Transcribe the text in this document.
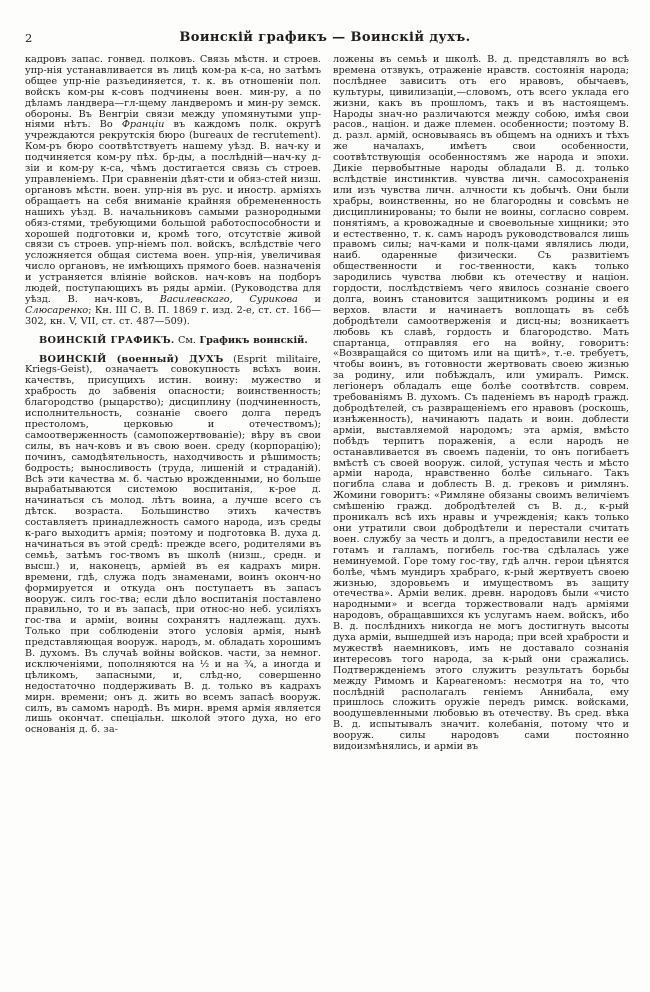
2	Воинскій графикъ — Воинскій духъ.

кадровъ запас. гонвед. полковъ. Связь мѣстн. и строев. упр-нія устанавливается въ лицѣ ком-ра к-са, но затѣмъ общее упр-ніе разъединяется, т. к. въ отношеніи пол. войскъ ком-ры к-совъ подчинены воен. мин-ру, а по дѣламъ ландвера—гл-щему ландверомъ и мин-ру земск. обороны. Въ Венгріи связи между упомянутыми упр-ніями нѣтъ. Во Франціи въ каждомъ полк. округѣ учреждаются рекрутскія бюро (bureaux de recrutement). Ком-ръ бюро соотвѣтствуетъ нашему уѣзд. В. нач-ку и подчиняется ком-ру пѣх. бр-ды, а послѣдній—нач-ку д-зіи и ком-ру к-са, чѣмъ достигается связь съ строев. управленіемъ. При сравненіи дѣят-сти и обяз-стей низш. органовъ мѣстн. воен. упр-нія въ рус. и иностр. арміяхъ обращаетъ на себя вниманіе крайняя обремененность нашихъ уѣзд. В. начальниковъ самыми разнородными обяз-стями, требующими большой работоспособности и хорошей подготовки и, кромѣ того, отсутствіе живой связи съ строев. упр-ніемъ пол. войскъ, вслѣдствіе чего усложняется общая система воен. упр-нія, увеличивая число органовъ, не имѣющихъ прямого боев. назначенія и устраняется вліяніе войсков. нач-ковъ на подборъ людей, поступающихъ въ ряды арміи. (Руководства для уѣзд. В. нач-ковъ, Василевскаго, Сурикова и Слюсаренко; Кн. III С. В. П. 1869 г. изд. 2-е, ст. ст. 166—302, кн. V, VII, ст. ст. 487—509).

ВОИНСКІЙ ГРАФИКЪ. См. Графикъ воинскій.

ВОИНСКІЙ (военный) ДУХЪ (Esprit militaire, Kriegs-Geist), означаетъ совокупность всѣхъ воин. качествъ, присущихъ истин. воину: мужество и храбрость до забвенія опасности; воинственность; благородство (рыцарство); дисциплину (подчиненность, исполнительность, сознаніе своего долга передъ престоломъ, церковью и отечествомъ); самоотверженность (самопожертвованіе); вѣру въ свои силы, въ нач-ковъ и въ свою воен. среду (корпорацію); починъ, самодѣятельность, находчивость и рѣшимость; бодрость; выносливость (труда, лишеній и страданій). Всѣ эти качества м. б. частью врожденными, но больше вырабатываются системою воспитанія, к-рое д. начинаться съ молод. лѣтъ воина, а лучше всего съ дѣтск. возраста. Большинство этихъ качествъ составляетъ принадлежность самого народа, изъ среды к-раго выходитъ армія; поэтому и подготовка В. духа д. начинаться въ этой средѣ: прежде всего, родителями въ семьѣ, затѣмъ гос-твомъ въ школѣ (низш., средн. и высш.) и, наконецъ, арміей въ ея кадрахъ мирн. времени, гдѣ, служа подъ знаменами, воинъ оконч-но формируется и откуда онъ поступаетъ въ запасъ вооруж. силъ гос-тва; если дѣло воспитанія поставлено правильно, то и въ запасѣ, при относ-но неб. усиліяхъ гос-тва и арміи, воины сохранятъ надлежащ. духъ. Только при соблюденіи этого условія армія, нынѣ представляющая вооруж. народъ, м. обладать хорошимъ В. духомъ. Въ случаѣ войны войсков. части, за немног. исключеніями, пополняются на ½ и на ¾, а иногда и цѣликомъ, запасными, и, слѣд-но, совершенно недостаточно поддерживать В. д. только въ кадрахъ мирн. времени; онъ д. жить во всемъ запасѣ вооруж. силъ, въ самомъ народѣ. Въ мирн. время армія является лишь окончат. спеціальн. школой этого духа, но его основанія д. б. за-

ложены въ семьѣ и школѣ. В. д. представлялъ во всѣ времена отзвукъ, отраженіе нравств. состоянія народа; послѣднее зависитъ отъ его нравовъ, обычаевъ, культуры, цивилизаціи,—словомъ, отъ всего уклада его жизни, какъ въ прошломъ, такъ и въ настоящемъ. Народы знач-но различаются между собою, имѣя свои расов., націон. и даже племен. особенности; поэтому В. д. разл. армій, основываясь въ общемъ на однихъ и тѣхъ же началахъ, имѣетъ свои особенности, соотвѣтствующія особенностямъ же народа и эпохи. Дикіе первобытные народы обладали В. д. только вслѣдствіе инстинктив. чувства личн. самосохраненія или изъ чувства личн. алчности къ добычѣ. Они были храбры, воинственны, но не благородны и совсѣмъ не дисциплинированы; то были не воины, согласно соврем. понятіямъ, а кровожадные и своевольные хищники; это и естественно, т. к. самъ народъ руководствовался лишь правомъ силы; нач-ками и полк-цами являлись люди, наиб. одаренные физически. Съ развитіемъ общественности и гос-твенности, какъ только зародились чувства любви къ отечеству и націон. гордости, послѣдствіемъ чего явилось сознаніе своего долга, воинъ становится защитникомъ родины и ея верхов. власти и начинаетъ воплощать въ себѣ добродѣтели самоотверженія и дисц-ны; возникаетъ любовь къ славѣ, гордость и благородство. Мать спартанца, отправляя его на войну, говоритъ: «Возвращайся со щитомъ или на щитѣ», т.-е. требуетъ, чтобы воинъ, въ готовности жертвовать своею жизнью за родину, или побѣждалъ, или умиралъ. Римск. легіонеръ обладалъ еще болѣе соотвѣтств. соврем. требованіямъ В. духомъ. Съ паденіемъ въ народѣ гражд. добродѣтелей, съ развращеніемъ его нравовъ (роскошь, изнѣженность), начинаютъ падать и воин. доблести арміи, выставляемой народомъ; эта армія, вмѣсто побѣдъ терпитъ пораженія, а если народъ не останавливается въ своемъ паденіи, то онъ погибаетъ вмѣстѣ съ своей вооруж. силой, уступая честь и мѣсто арміи народа, нравственно болѣе сильнаго. Такъ погибла слава и доблесть В. д. грековъ и римлянъ. Жомини говоритъ: «Римляне обязаны своимъ величіемъ смѣшенію гражд. добродѣтелей съ В. д., к-рый проникалъ всѣ ихъ нравы и учрежденія; какъ только они утратили свои добродѣтели и перестали считать воен. службу за честь и долгъ, а предоставили нести ее готамъ и галламъ, погибель гос-тва сдѣлалась уже неминуемой. Горе тому гос-тву, гдѣ алчн. герои цѣнятся болѣе, чѣмъ мундиръ храбраго, к-рый жертвуетъ своею жизнью, здоровьемъ и имуществомъ въ защиту отечества». Арміи велик. древн. народовъ были «чисто народными» и всегда торжествовали надъ арміями народовъ, обращавшихся къ услугамъ наем. войскъ, ибо В. д. послѣднихъ никогда не могъ достигнуть высоты духа арміи, вышедшей изъ народа; при всей храбрости и мужествѣ наемниковъ, имъ не доставало сознанія интересовъ того народа, за к-рый они сражались. Подтвержденіемъ этого служитъ результатъ борьбы между Римомъ и Карѳагеномъ: несмотря на то, что послѣдній располагалъ геніемъ Аннибала, ему пришлось сложить оружіе передъ римск. войсками, воодушевленными любовью въ отечеству. Въ сред. вѣка В. д. испытывалъ значит. колебанія, потому что и вооруж. силы народовъ сами постоянно видоизмѣнялись, и арміи въ
